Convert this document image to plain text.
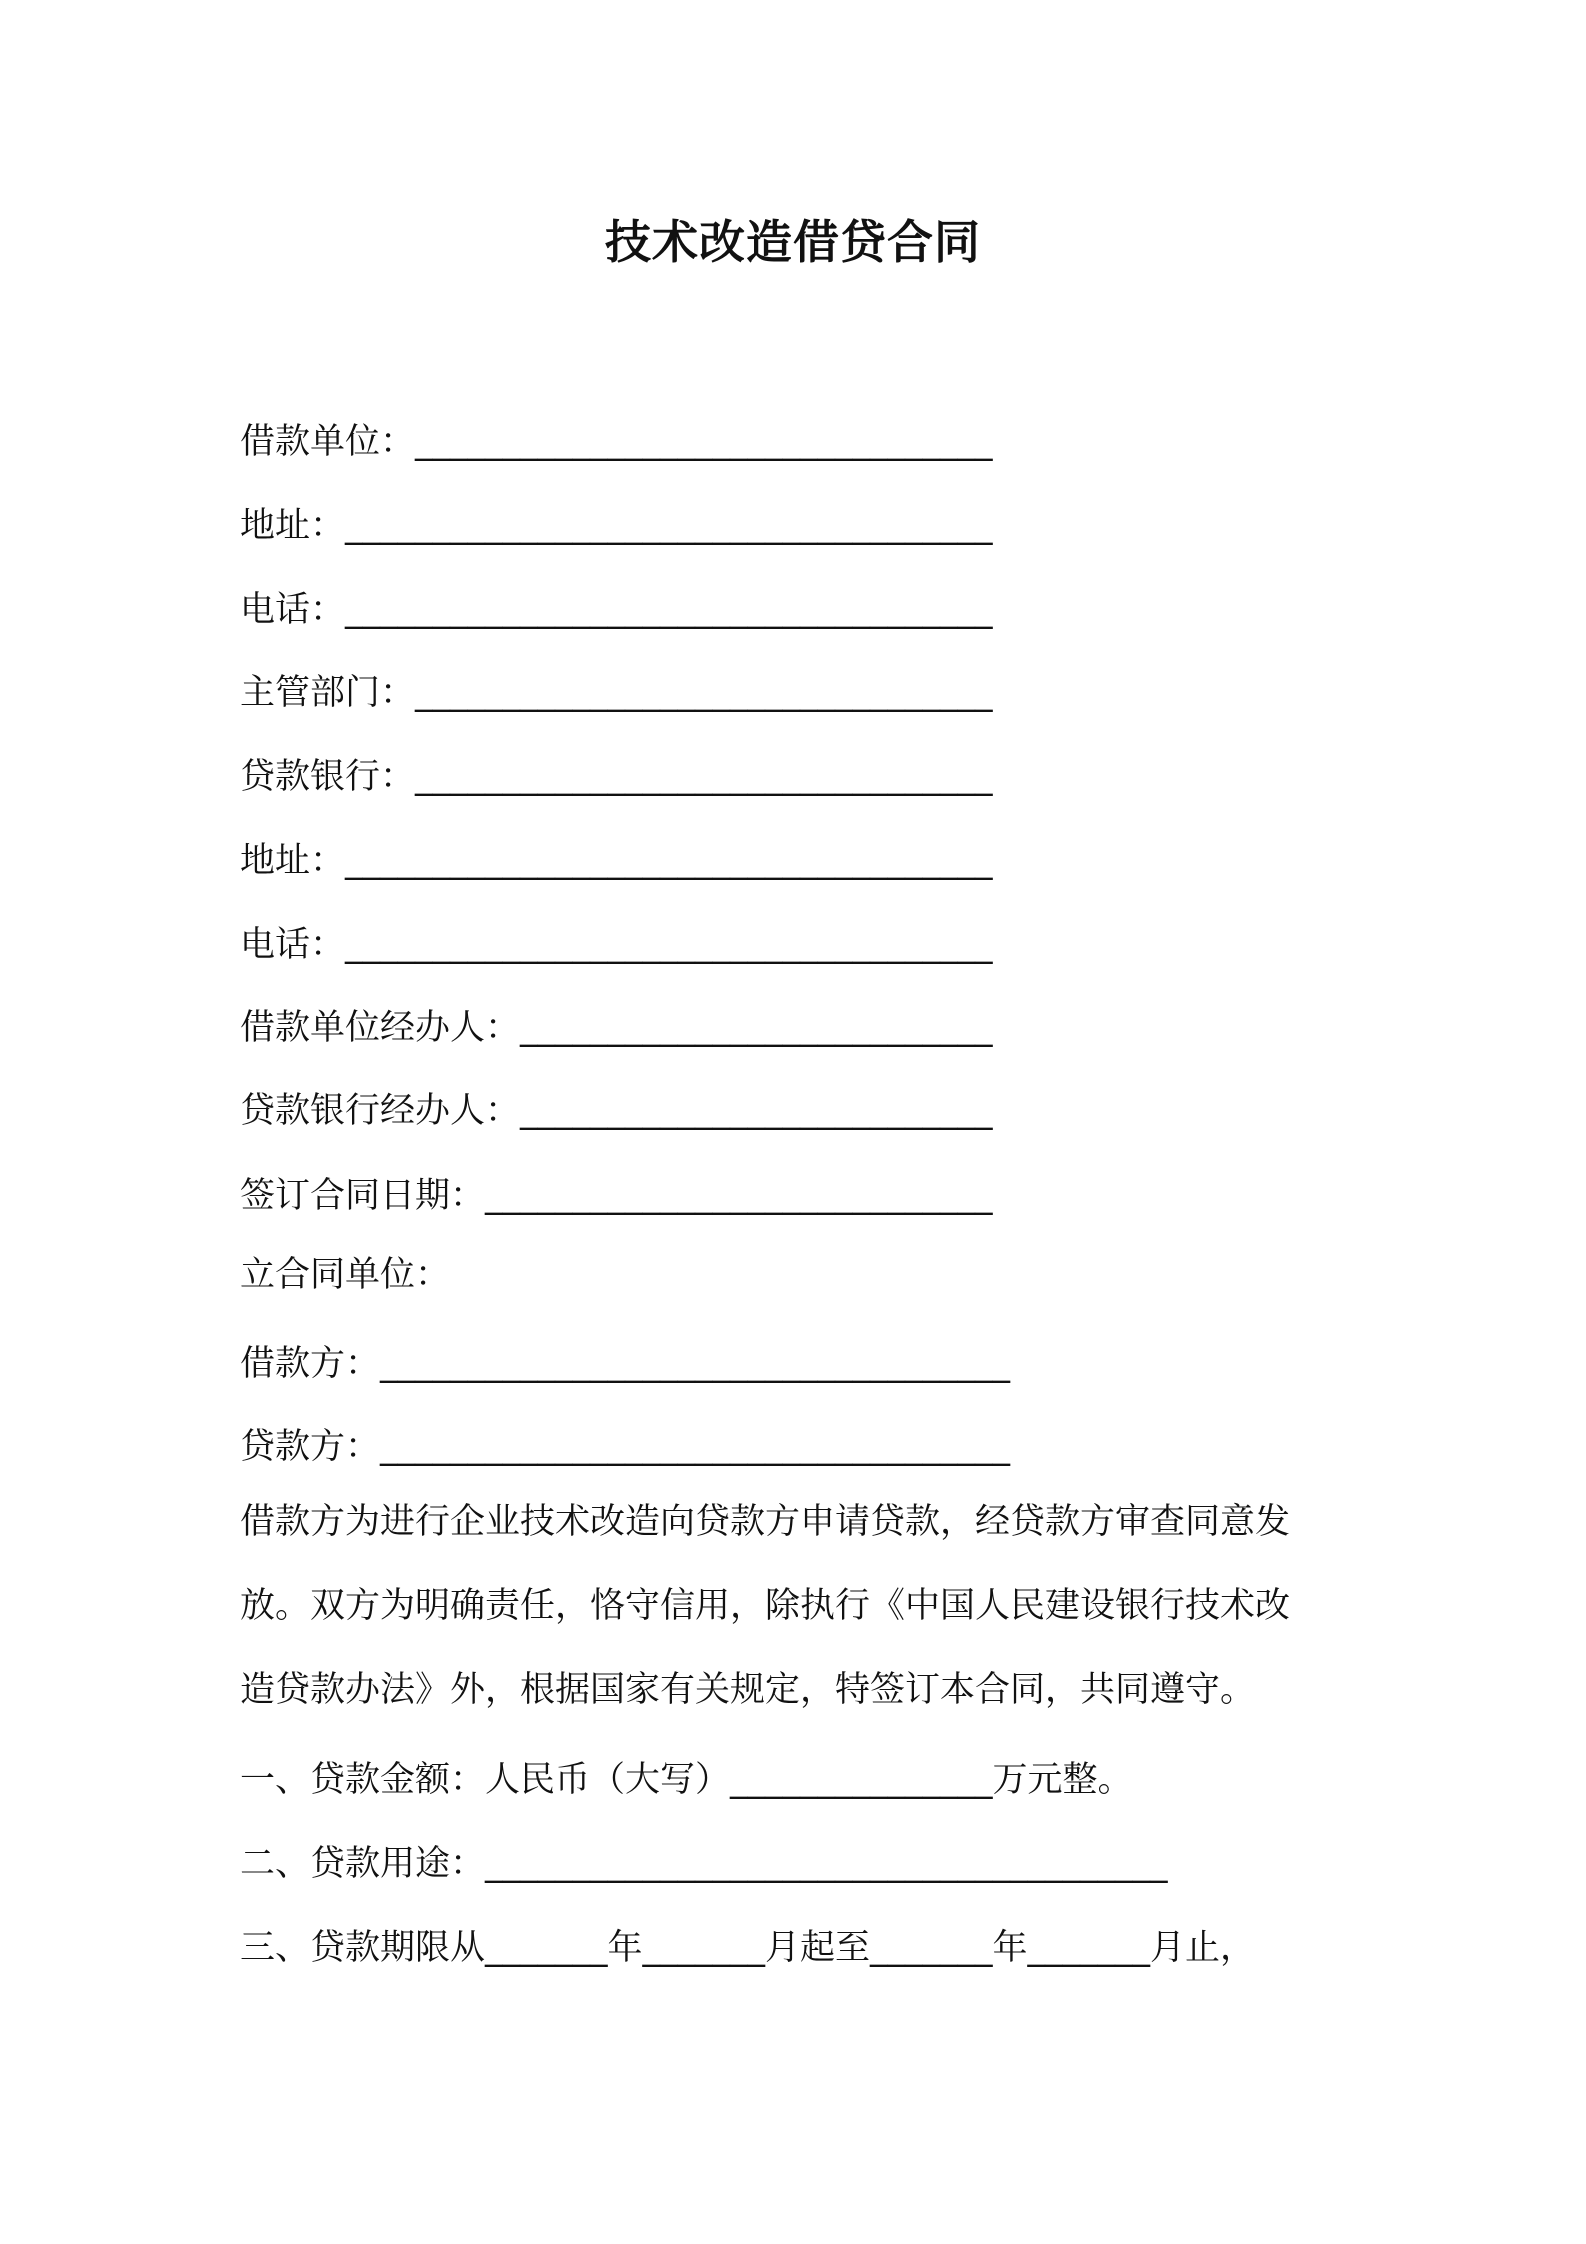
技术改造借贷合同
借款单位：_________________________________
地址：_____________________________________
电话：_____________________________________
主管部门：_________________________________
贷款银行：_________________________________
地址：_____________________________________
电话：_____________________________________
借款单位经办人：___________________________
贷款银行经办人：___________________________
签订合同日期：_____________________________
立合同单位：
借款方：____________________________________
贷款方：____________________________________
借款方为进行企业技术改造向贷款方申请贷款，经贷款方审查同意发
放。双方为明确责任，恪守信用，除执行《中国人民建设银行技术改
造贷款办法》外，根据国家有关规定，特签订本合同，共同遵守。
一、贷款金额：人民币（大写）_______________万元整。
二、贷款用途：_______________________________________
三、贷款期限从_______年_______月起至_______年_______月止，
